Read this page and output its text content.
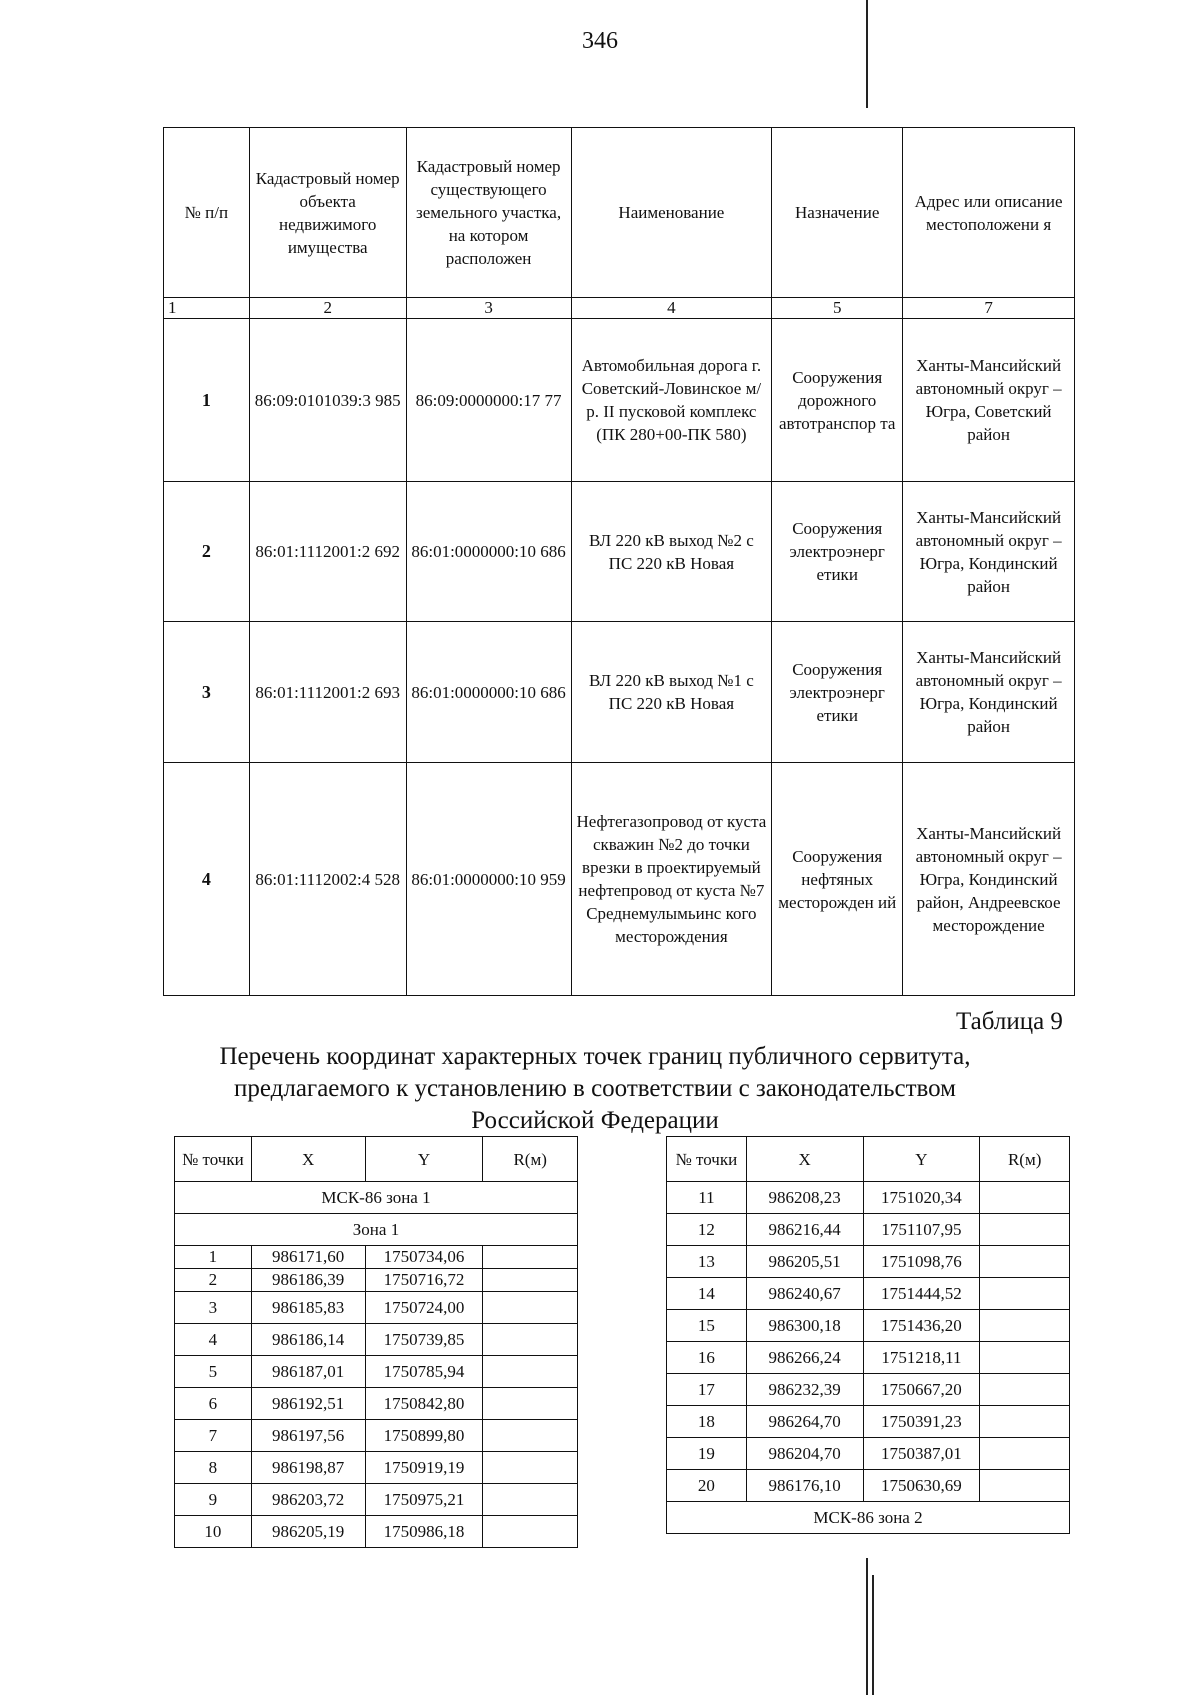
346
№ п/п	Кадастровый номер объекта недвижимого имущества	Кадастровый номер существующего земельного участка, на котором расположен	Наименование	Назначение	Адрес или описание местоположени я
1	2	3	4	5	7
1	86:09:0101039:3 985	86:09:0000000:17 77	Автомобильная дорога г. Советский-Ловинское м/р. II пусковой комплекс (ПК 280+00-ПК 580)	Сооружения дорожного автотранспор та	Ханты-Мансийский автономный округ – Югра, Советский район
2	86:01:1112001:2 692	86:01:0000000:10 686	ВЛ 220 кВ выход №2 с ПС 220 кВ Новая	Сооружения электроэнерг етики	Ханты-Мансийский автономный округ – Югра, Кондинский район
3	86:01:1112001:2 693	86:01:0000000:10 686	ВЛ 220 кВ выход №1 с ПС 220 кВ Новая	Сооружения электроэнерг етики	Ханты-Мансийский автономный округ – Югра, Кондинский район
4	86:01:1112002:4 528	86:01:0000000:10 959	Нефтегазопровод от куста скважин №2 до точки врезки в проектируемый нефтепровод от куста №7 Среднемулымьинс кого месторождения	Сооружения нефтяных месторожден ий	Ханты-Мансийский автономный округ – Югра, Кондинский район, Андреевское месторождение
Таблица 9
Перечень координат характерных точек границ публичного сервитута, предлагаемого к установлению в соответствии с законодательством Российской Федерации
№ точки	X	Y	R(м)
МСК-86 зона 1			
Зона 1			
1	986171,60	1750734,06	
2	986186,39	1750716,72	
3	986185,83	1750724,00	
4	986186,14	1750739,85	
5	986187,01	1750785,94	
6	986192,51	1750842,80	
7	986197,56	1750899,80	
8	986198,87	1750919,19	
9	986203,72	1750975,21	
10	986205,19	1750986,18	
№ точки	X	Y	R(м)
11	986208,23	1751020,34	
12	986216,44	1751107,95	
13	986205,51	1751098,76	
14	986240,67	1751444,52	
15	986300,18	1751436,20	
16	986266,24	1751218,11	
17	986232,39	1750667,20	
18	986264,70	1750391,23	
19	986204,70	1750387,01	
20	986176,10	1750630,69	
МСК-86 зона 2			
